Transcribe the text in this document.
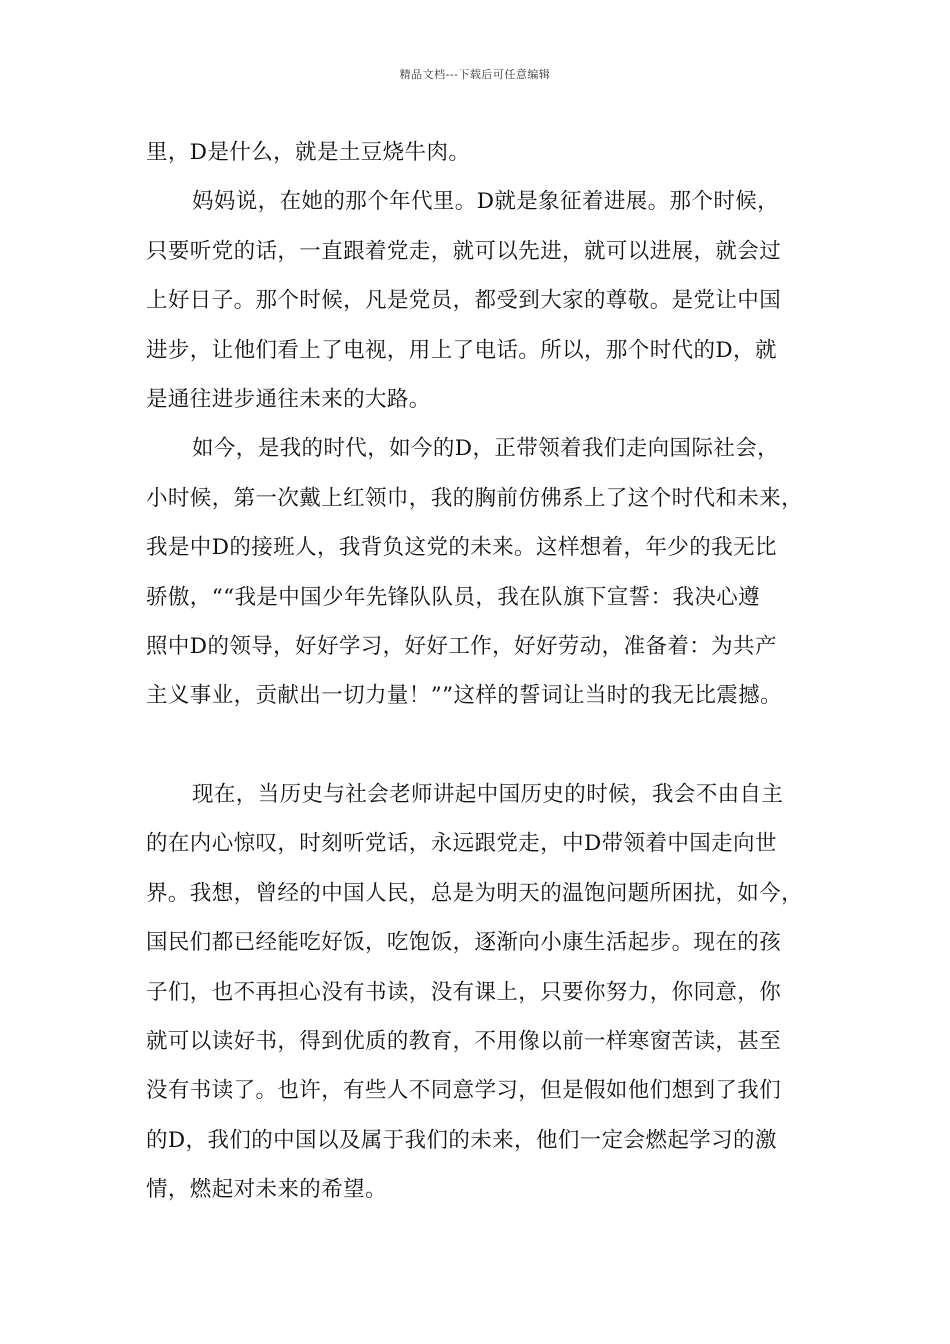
精品文档---下载后可任意编辑
里，D是什么，就是土豆烧牛肉。
妈妈说，在她的那个年代里。D就是象征着进展。那个时候，
只要听党的话，一直跟着党走，就可以先进，就可以进展，就会过
上好日子。那个时候，凡是党员，都受到大家的尊敬。是党让中国
进步，让他们看上了电视，用上了电话。所以，那个时代的D，就
是通往进步通往未来的大路。
如今，是我的时代，如今的D，正带领着我们走向国际社会，
小时候，第一次戴上红领巾，我的胸前仿佛系上了这个时代和未来，
我是中D的接班人，我背负这党的未来。这样想着，年少的我无比
骄傲，““我是中国少年先锋队队员，我在队旗下宣誓：我决心遵
照中D的领导，好好学习，好好工作，好好劳动，准备着：为共产
主义事业，贡献出一切力量！””这样的誓词让当时的我无比震撼。
现在，当历史与社会老师讲起中国历史的时候，我会不由自主
的在内心惊叹，时刻听党话，永远跟党走，中D带领着中国走向世
界。我想，曾经的中国人民，总是为明天的温饱问题所困扰，如今，
国民们都已经能吃好饭，吃饱饭，逐渐向小康生活起步。现在的孩
子们，也不再担心没有书读，没有课上，只要你努力，你同意，你
就可以读好书，得到优质的教育，不用像以前一样寒窗苦读，甚至
没有书读了。也许，有些人不同意学习，但是假如他们想到了我们
的D，我们的中国以及属于我们的未来，他们一定会燃起学习的激
情，燃起对未来的希望。
